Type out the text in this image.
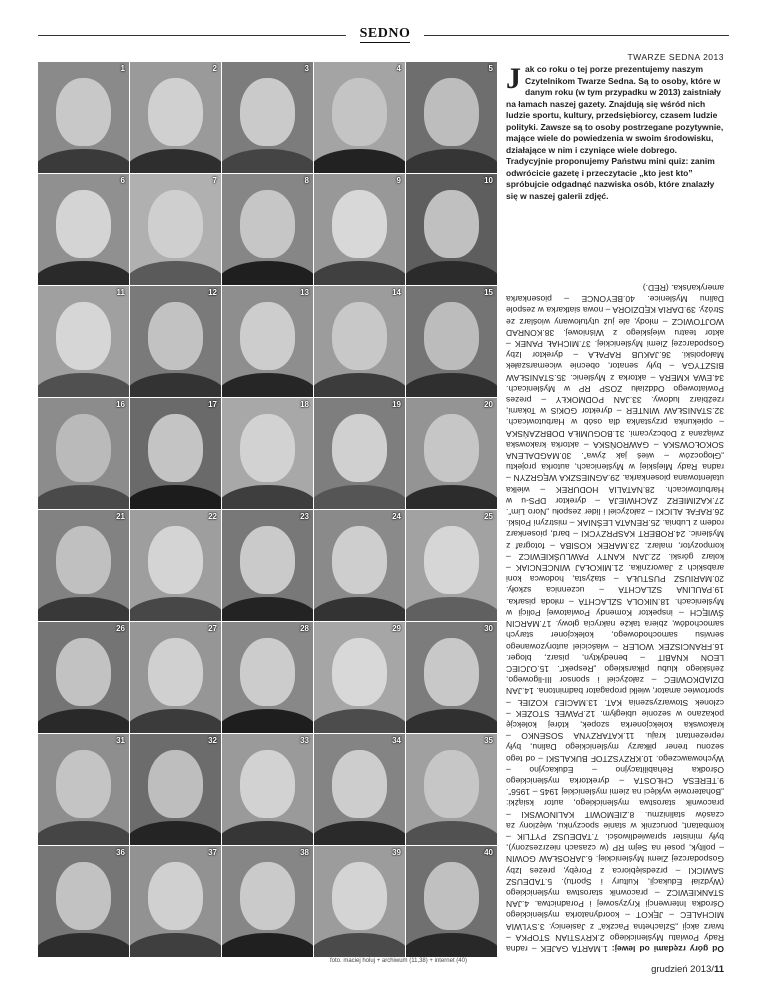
SEDNO
TWARZE SEDNA 2013
1	2	3	4	5
6	7	8	9	10
11	12	13	14	15
16	17	18	19	20
21	22	23	24	25
26	27	28	29	30
31	32	33	34	35
36	37	38	39	40
foto. maciej holuj + archiwum (11,38) + internet (40)
J ak co roku o tej porze prezentujemy naszym Czytelnikom Twarze Sedna. Są to osoby, które w danym roku (w tym przypadku w 2013) zaistniały na łamach naszej gazety. Znajdują się wśród nich ludzie sportu, kultury, przedsiębiorcy, czasem ludzie polityki. Zawsze są to osoby postrzegane pozytywnie, mające wiele do powiedzenia w swoim środowisku, działające w nim i czyniące wiele dobrego. Tradycyjnie proponujemy Państwu mini quiz: zanim odwrócicie gazetę i przeczytacie „kto jest kto” spróbujcie odgadnąć nazwiska osób, które znalazły się w naszej galerii zdjęć.
Od góry rzędami od lewej: 1.MARTA GAJEK – radna Rady Powiatu Myślenickiego 2.KRYSTIAN STOPKA – twarz akcji „Szlachetna Paczka” z Jasienicy. 3.SYLWIA MICHALEC – JĘKOT – koordynatorka myślenickiego Ośrodka Interwencji Kryzysowej i Poradnictwa. 4.JAN STANKIEWICZ – pracownik starostwa myślenickiego (Wydział Edukacji, Kultury i Sportu). 5.TADEUSZ SAWICKI – przedsiębiorca z Poręby, prezes Izby Gospodarczej Ziemi Myślenickiej. 6.JAROSŁAW GOWIN – polityk, poseł na Sejm RP (w czasach niezrzeszony), były minister sprawiedliwości. 7.TADEUSZ PYTLIK – kombatant, porucznik w stanie spoczynku, więziony za czasów stalinizmu. 8.ZIEMOWIT KALINOWSKI – pracownik starostwa myślenickiego, autor książki: „Bohaterowie wyklęci na ziemi myślenickiej 1945 – 1956”. 9.TERESA CHŁOSTA – dyrektorka myślenickiego Ośrodka Rehabilitacyjno – Edukacyjno – Wychowawczego. 10.KRZYSZTOF BUKALSKI – od tego sezonu trener piłkarzy myślenickiego Dalinu, były reprezentant kraju. 11.KATARZYNA SOSENKO – krakowska kolekcjonerka szopek, której kolekcję pokazano w sezonie ubiegłym. 12.PAWEŁ STOŻEK – członek Stowarzyszenia KAT. 13.MACIEJ KOZIEŁ – sportowiec amator, wielki propagator badmintona. 14.JAN DZIADKOWIEC – założyciel i sponsor III-ligowego, żeńskiego klubu piłkarskiego „Respekt”. 15.OJCIEC LEON KNABIT – benedyktyn, pisarz, bloger. 16.FRANCISZEK WOLER – właściciel autoryzowanego serwisu samochodowego, kolekcjoner starych samochodów, zbiera także nakrycia głowy. 17.MARCIN ŚWIĘCH – inspektor Komendy Powiatowej Policji w Myślenicach. 18.NIKOLA SZLACHTA – młoda pisarka. 19.PAULINA SZLACHTA – uczennica szkoły. 20.MARIUSZ PUSTUŁA – stażysta, hodowca koni arabskich z Jaworznika. 21.MIKOŁAJ WINCENCIAK – kolarz górski. 22.JAN KANTY PAWLUŚKIEWICZ – kompozytor, malarz. 23.MAREK KOSIBA – fotograf z Myślenic. 24.ROBERT KASPRZYCKI – bard, piosenkarz rodem z Lubnia. 25.RENATA LEŚNIAK – mistrzyni Polski. 26.RAFAŁ ALICKI – założyciel i lider zespołu „Noro Lim”. 27.KAZIMIERZ ZACHWIEJA – dyrektor DPS-u w Harbutowicach. 28.NATALIA HODUREK – wielka utalentowana piosenkarka. 29.AGNIESZKA WĘGRZYN – radna Rady Miejskiej w Myślenicach, autorka projektu „Głogoczów – wieś jak żywa”. 30.MAGDALENA SOKOŁOWSKA – GAWROŃSKA – aktorka krakowska związana z Dobczycami. 31.BOGUMIŁA DOBRZAŃSKA – opiekunka przystańka dla osób w Harbutowicach. 32.STANISŁAW WINTER – dyrektor GOKiS w Tokarni, rzeźbiarz ludowy. 33.JAN PODMOKŁY – prezes Powiatowego Oddziału ZOSP RP w Myślenicach. 34.EWA KMERA – aktorka z Myślenic. 35.STANISŁAW BISZTYGA – były senator, obecnie wicemarszałek Małopolski. 36.JAKUB RAPAŁA – dyrektor Izby Gospodarczej Ziemi Myślenickiej. 37.MICHAŁ PANEK – aktor teatru wiejskiego z Wiśniowej. 38.KONRAD WOJTOWICZ – młody, ale już utytułowany wioślarz ze Stróży. 39.DARIA KĘDZIORA – nowa siatkarka w zespole Dalinu Myślenice. 40.BEYONCE – piosenkarka amerykańska. (RED.)
grudzień 2013/11
